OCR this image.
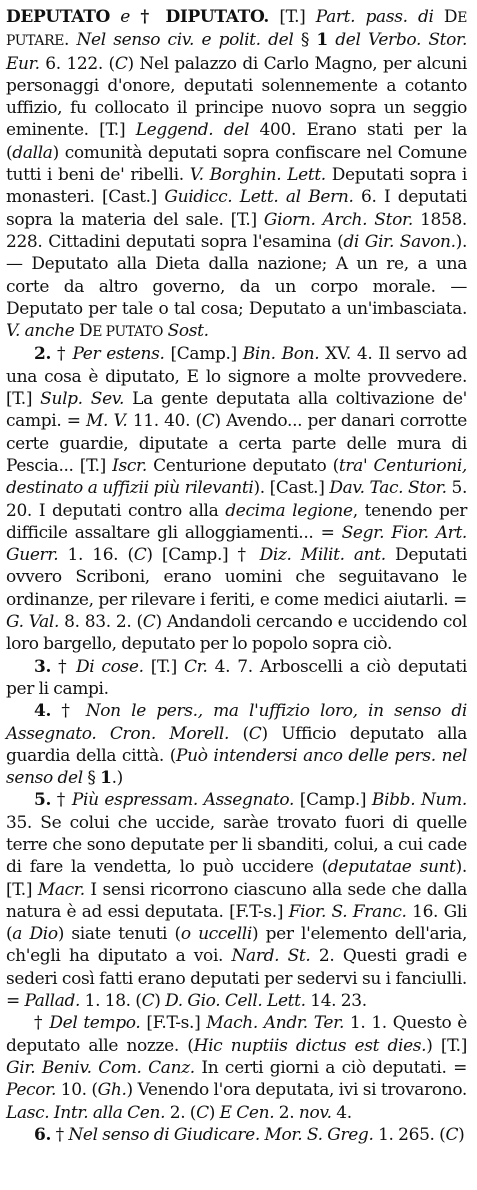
DEPUTATO e † DIPUTATO. [T.] Part. pass. di DE PUTARE. Nel senso civ. e polit. del § 1 del Verbo. Stor. Eur. 6. 122. (C) Nel palazzo di Carlo Magno, per alcuni personaggi d'onore, deputati solennemente a cotanto uffizio, fu collocato il principe nuovo sopra un seggio eminente. [T.] Leggend. del 400. Erano stati per la (dalla) comunità deputati sopra confiscare nel Comune tutti i beni de' ribelli. V. Borghin. Lett. Deputati sopra i monasteri. [Cast.] Guidicc. Lett. al Bern. 6. I deputati sopra la materia del sale. [T.] Giorn. Arch. Stor. 1858. 228. Cittadini deputati sopra l'esamina (di Gir. Savon.). — Deputato alla Dieta dalla nazione; A un re, a una corte da altro governo, da un corpo morale. — Deputato per tale o tal cosa; Deputato a un'imbasciata. V. anche DE PUTATO Sost.

2. † Per estens. [Camp.] Bin. Bon. XV. 4. Il servo ad una cosa è diputato, E lo signore a molte provvedere. [T.] Sulp. Sev. La gente deputata alla coltivazione de' campi. = M. V. 11. 40. (C) Avendo... per danari corrotte certe guardie, diputate a certa parte delle mura di Pescia... [T.] Iscr. Centurione deputato (tra' Centurioni, destinato a uffizii più rilevanti). [Cast.] Dav. Tac. Stor. 5. 20. I deputati contro alla decima legione, tenendo per difficile assaltare gli alloggiamenti... = Segr. Fior. Art. Guerr. 1. 16. (C) [Camp.] † Diz. Milit. ant. Deputati ovvero Scriboni, erano uomini che seguitavano le ordinanze, per rilevare i feriti, e come medici aiutarli. = G. Val. 8. 83. 2. (C) Andandoli cercando e uccidendo col loro bargello, deputato per lo popolo sopra ciò.

3. † Di cose. [T.] Cr. 4. 7. Arboscelli a ciò deputati per li campi.

4. † Non le pers., ma l'uffizio loro, in senso di Assegnato. Cron. Morell. (C) Ufficio deputato alla guardia della città. (Può intendersi anco delle pers. nel senso del § 1.)

5. † Più espressam. Assegnato. [Camp.] Bibb. Num. 35. Se colui che uccide, saràe trovato fuori di quelle terre che sono deputate per li sbanditi, colui, a cui cade di fare la vendetta, lo può uccidere (deputatae sunt). [T.] Macr. I sensi ricorrono ciascuno alla sede che dalla natura è ad essi deputata. [F.T-s.] Fior. S. Franc. 16. Gli (a Dio) siate tenuti (o uccelli) per l'elemento dell'aria, ch'egli ha diputato a voi. Nard. St. 2. Questi gradi e sederi così fatti erano deputati per sedervi su i fanciulli. = Pallad. 1. 18. (C) D. Gio. Cell. Lett. 14. 23.

† Del tempo. [F.T-s.] Mach. Andr. Ter. 1. 1. Questo è deputato alle nozze. (Hic nuptiis dictus est dies.) [T.] Gir. Beniv. Com. Canz. In certi giorni a ciò deputati. = Pecor. 10. (Gh.) Venendo l'ora deputata, ivi si trovarono. Lasc. Intr. alla Cen. 2. (C) E Cen. 2. nov. 4.

6. † Nel senso di Giudicare. Mor. S. Greg. 1. 265. (C)
